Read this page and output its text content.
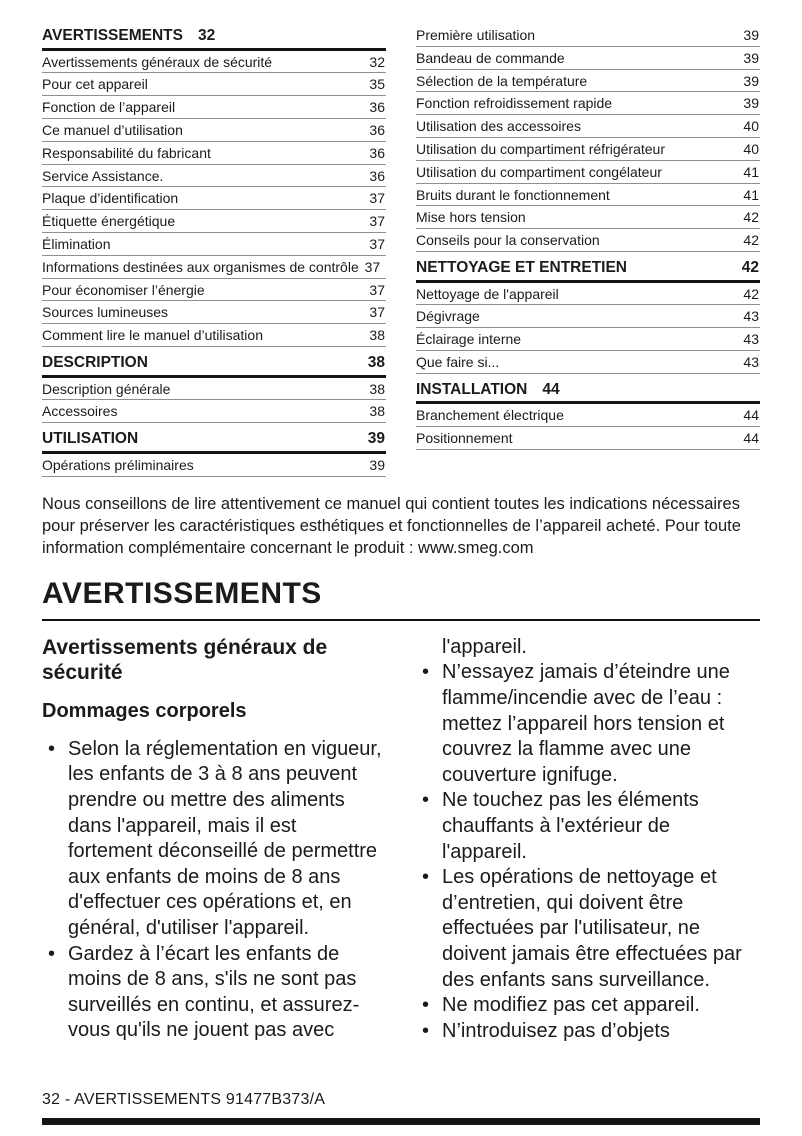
AVERTISSEMENTS 32
Avertissements généraux de sécurité	32
Pour cet appareil	35
Fonction de l’appareil	36
Ce manuel d’utilisation	36
Responsabilité du fabricant	36
Service Assistance.	36
Plaque d’identification	37
Étiquette énergétique	37
Élimination	37
Informations destinées aux organismes de contrôle 37
Pour économiser l’énergie	37
Sources lumineuses	37
Comment lire le manuel d’utilisation	38
DESCRIPTION	38
Description générale	38
Accessoires	38
UTILISATION	39
Opérations préliminaires	39
Première utilisation	39
Bandeau de commande	39
Sélection de la température	39
Fonction refroidissement rapide	39
Utilisation des accessoires	40
Utilisation du compartiment réfrigérateur	40
Utilisation du compartiment congélateur	41
Bruits durant le fonctionnement	41
Mise hors tension	42
Conseils pour la conservation	42
NETTOYAGE ET ENTRETIEN	42
Nettoyage de l'appareil	42
Dégivrage	43
Éclairage interne	43
Que faire si...	43
INSTALLATION 44
Branchement électrique	44
Positionnement	44

Nous conseillons de lire attentivement ce manuel qui contient toutes les indications nécessaires pour préserver les caractéristiques esthétiques et fonctionnelles de l’appareil acheté. Pour toute information complémentaire concernant le produit : www.smeg.com

AVERTISSEMENTS
Avertissements généraux de sécurité
Dommages corporels
• Selon la réglementation en vigueur, les enfants de 3 à 8 ans peuvent prendre ou mettre des aliments dans l'appareil, mais il est fortement déconseillé de permettre aux enfants de moins de 8 ans d'effectuer ces opérations et, en général, d'utiliser l'appareil.
• Gardez à l’écart les enfants de moins de 8 ans, s'ils ne sont pas surveillés en continu, et assurez-vous qu'ils ne jouent pas avec

l'appareil.

• N’essayez jamais d’éteindre une flamme/incendie avec de l’eau : mettez l’appareil hors tension et couvrez la flamme avec une couverture ignifuge.
• Ne touchez pas les éléments chauffants à l'extérieur de l'appareil.
• Les opérations de nettoyage et d’entretien, qui doivent être effectuées par l'utilisateur, ne doivent jamais être effectuées par des enfants sans surveillance.
• Ne modifiez pas cet appareil.
• N’introduisez pas d’objets
32 - AVERTISSEMENTS 91477B373/A
